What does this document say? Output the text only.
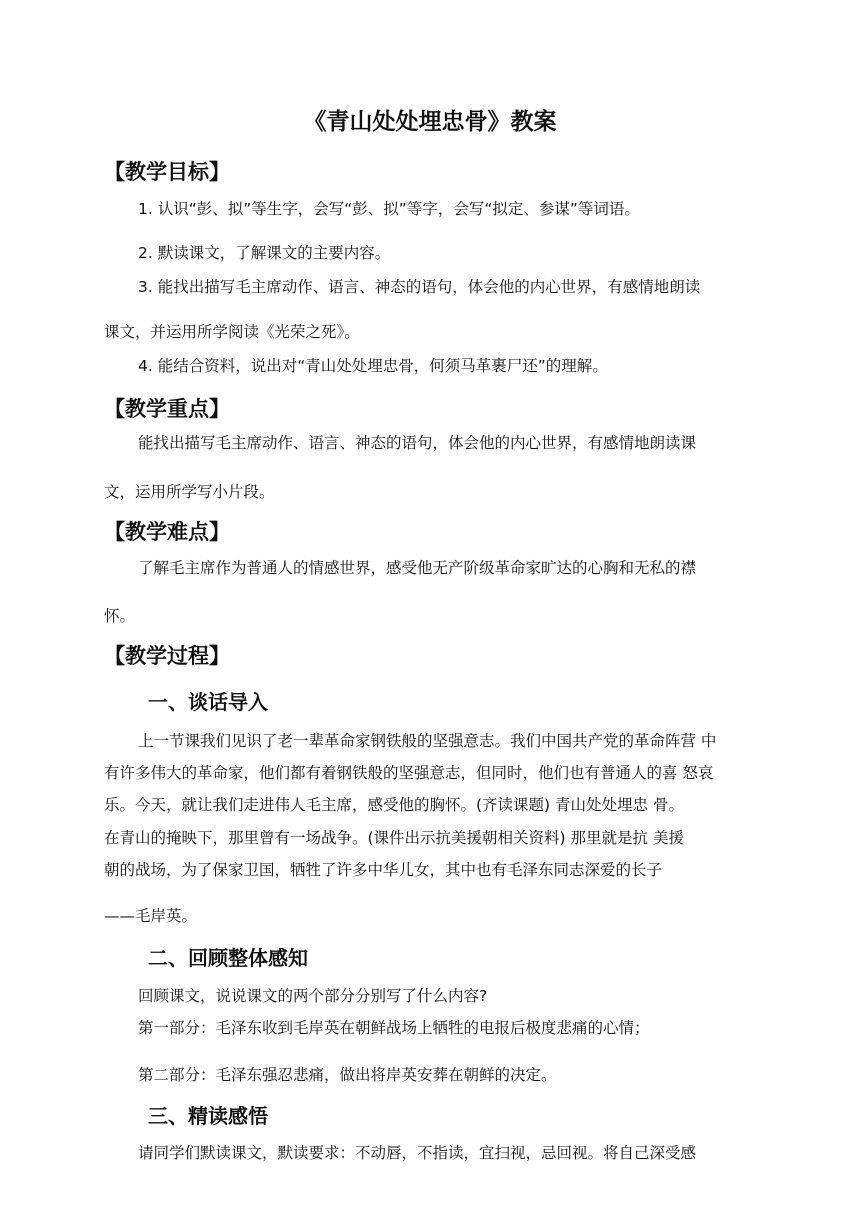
《青山处处埋忠骨》教案
【教学目标】
1. 认识“彭、拟”等生字，会写“彭、拟”等字，会写“拟定、参谋”等词语。
2. 默读课文，了解课文的主要内容。
3. 能找出描写毛主席动作、语言、神态的语句，体会他的内心世界，有感情地朗读
课文，并运用所学阅读《光荣之死》。
4. 能结合资料，说出对“青山处处埋忠骨，何须马革裹尸还”的理解。
【教学重点】
能找出描写毛主席动作、语言、神态的语句，体会他的内心世界，有感情地朗读课
文，运用所学写小片段。
【教学难点】
了解毛主席作为普通人的情感世界，感受他无产阶级革命家旷达的心胸和无私的襟
怀。
【教学过程】
一、谈话导入
上一节课我们见识了老一辈革命家钢铁般的坚强意志。我们中国共产党的革命阵营 中
有许多伟大的革命家，他们都有着钢铁般的坚强意志，但同时，他们也有普通人的喜 怒哀
乐。今天，就让我们走进伟人毛主席，感受他的胸怀。(齐读课题) 青山处处埋忠 骨。
在青山的掩映下，那里曾有一场战争。(课件出示抗美援朝相关资料) 那里就是抗 美援
朝的战场，为了保家卫国，牺牲了许多中华儿女，其中也有毛泽东同志深爱的长子
——毛岸英。
二、回顾整体感知
回顾课文，说说课文的两个部分分别写了什么内容?
第一部分：毛泽东收到毛岸英在朝鲜战场上牺牲的电报后极度悲痛的心情；
第二部分：毛泽东强忍悲痛，做出将岸英安葬在朝鲜的决定。
三、精读感悟
请同学们默读课文，默读要求：不动唇，不指读，宜扫视，忌回视。将自己深受感
